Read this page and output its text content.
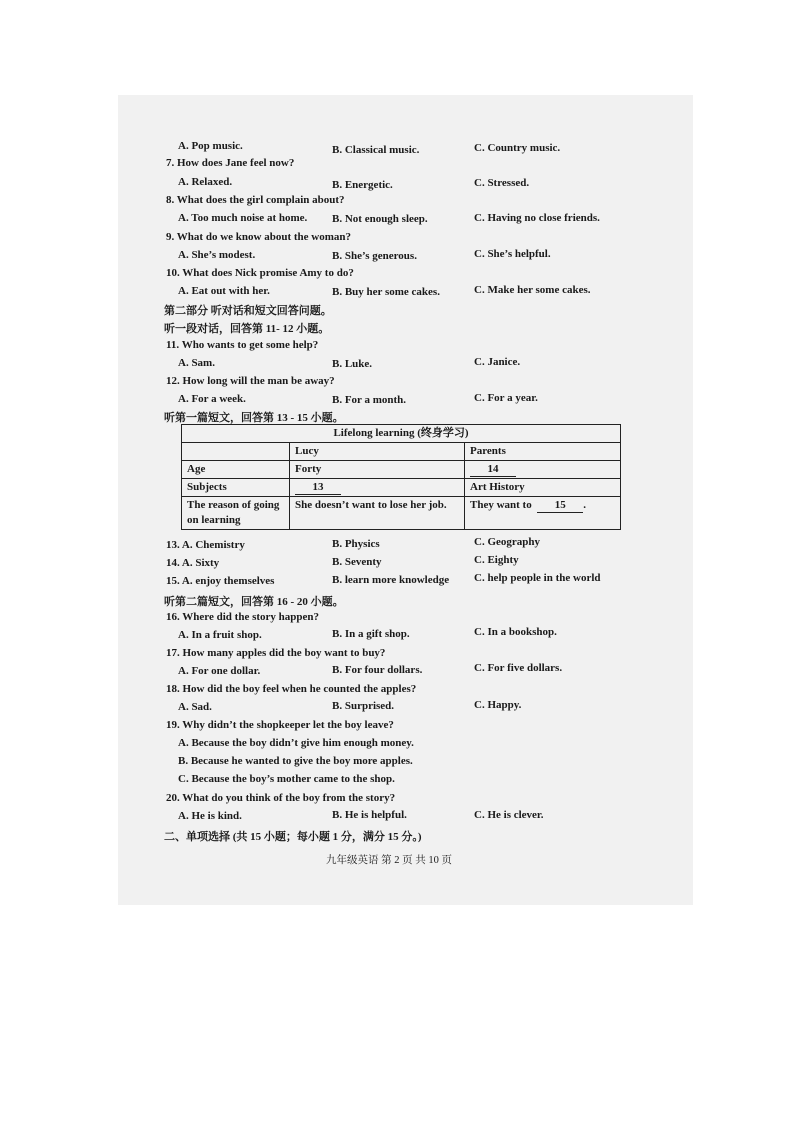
A. Pop music.	B. Classical music.	C. Country music.
7. How does Jane feel now?
A. Relaxed.	B. Energetic.	C. Stressed.
8. What does the girl complain about?
A. Too much noise at home. B. Not enough sleep.	C. Having no close friends.
9. What do we know about the woman?
A. She’s modest.	B. She’s generous.	C. She’s helpful.
10. What does Nick promise Amy to do?
A. Eat out with her.	B. Buy her some cakes.	C. Make her some cakes.
第二部分 听对话和短文回答问题。
听一段对话，回答第 11- 12 小题。
11. Who wants to get some help?
A. Sam.	B. Luke.	C. Janice.
12. How long will the man be away?
A. For a week.	B. For a month.	C. For a year.
听第一篇短文，回答第 13 - 15 小题。
Lifelong learning (终身学习)		
	Lucy	Parents
Age	Forty	14
Subjects	13	Art History
The reason of going on learning	She doesn’t want to lose her job.	They want to 15 .
13. A. Chemistry	B. Physics	C. Geography
14. A. Sixty	B. Seventy	C. Eighty
15. A. enjoy themselves	B. learn more knowledge C. help people in the world
听第二篇短文，回答第 16 - 20 小题。
16. Where did the story happen?
A. In a fruit shop.	B. In a gift shop.	C. In a bookshop.
17. How many apples did the boy want to buy?
A. For one dollar.	B. For four dollars.	C. For five dollars.
18. How did the boy feel when he counted the apples?
A. Sad.	B. Surprised.	C. Happy.
19. Why didn’t the shopkeeper let the boy leave?
A. Because the boy didn’t give him enough money.
B. Because he wanted to give the boy more apples.
C. Because the boy’s mother came to the shop.
20. What do you think of the boy from the story?
A. He is kind.	B. He is helpful.	C. He is clever.
二、单项选择 (共 15 小题；每小题 1 分，满分 15 分。)
九年级英语 第 2 页 共 10 页
